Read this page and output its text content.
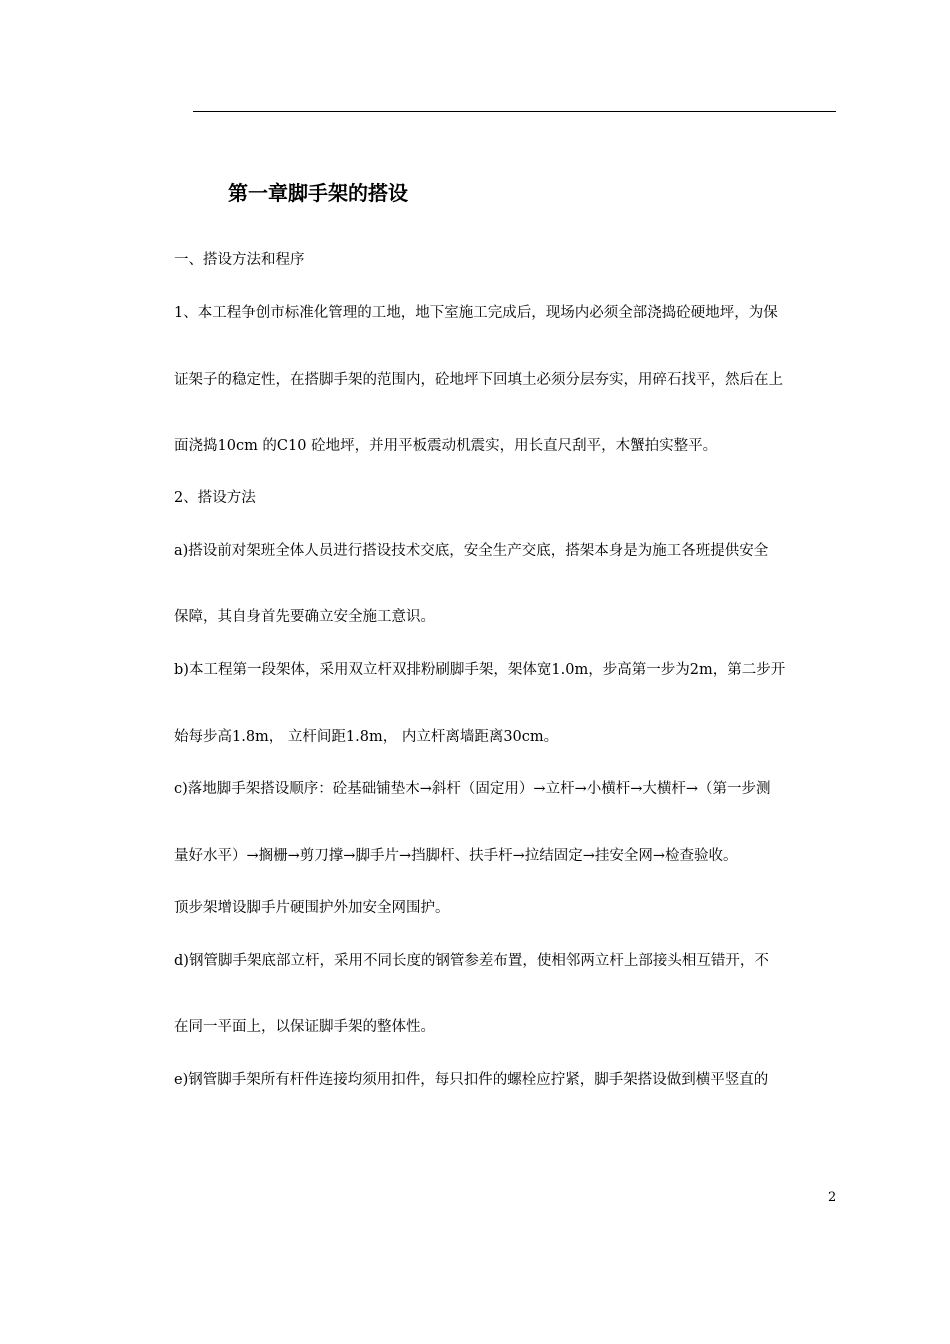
第一章脚手架的搭设
一、搭设方法和程序
1、本工程争创市标准化管理的工地，地下室施工完成后，现场内必须全部浇捣砼硬地坪，为保
证架子的稳定性，在搭脚手架的范围内，砼地坪下回填土必须分层夯实，用碎石找平，然后在上
面浇捣10cm 的C10 砼地坪，并用平板震动机震实，用长直尺刮平，木蟹拍实整平。
2、搭设方法
a)搭设前对架班全体人员进行搭设技术交底，安全生产交底，搭架本身是为施工各班提供安全
保障，其自身首先要确立安全施工意识。
b)本工程第一段架体，采用双立杆双排粉刷脚手架，架体宽1.0m，步高第一步为2m，第二步开
始每步高1.8m， 立杆间距1.8m， 内立杆离墙距离30cm。
c)落地脚手架搭设顺序：砼基础铺垫木→斜杆（固定用）→立杆→小横杆→大横杆→（第一步测
量好水平）→搁栅→剪刀撑→脚手片→挡脚杆、扶手杆→拉结固定→挂安全网→检查验收。
顶步架增设脚手片硬围护外加安全网围护。
d)钢管脚手架底部立杆，采用不同长度的钢管参差布置，使相邻两立杆上部接头相互错开，不
在同一平面上，以保证脚手架的整体性。
e)钢管脚手架所有杆件连接均须用扣件，每只扣件的螺栓应拧紧，脚手架搭设做到横平竖直的
2
